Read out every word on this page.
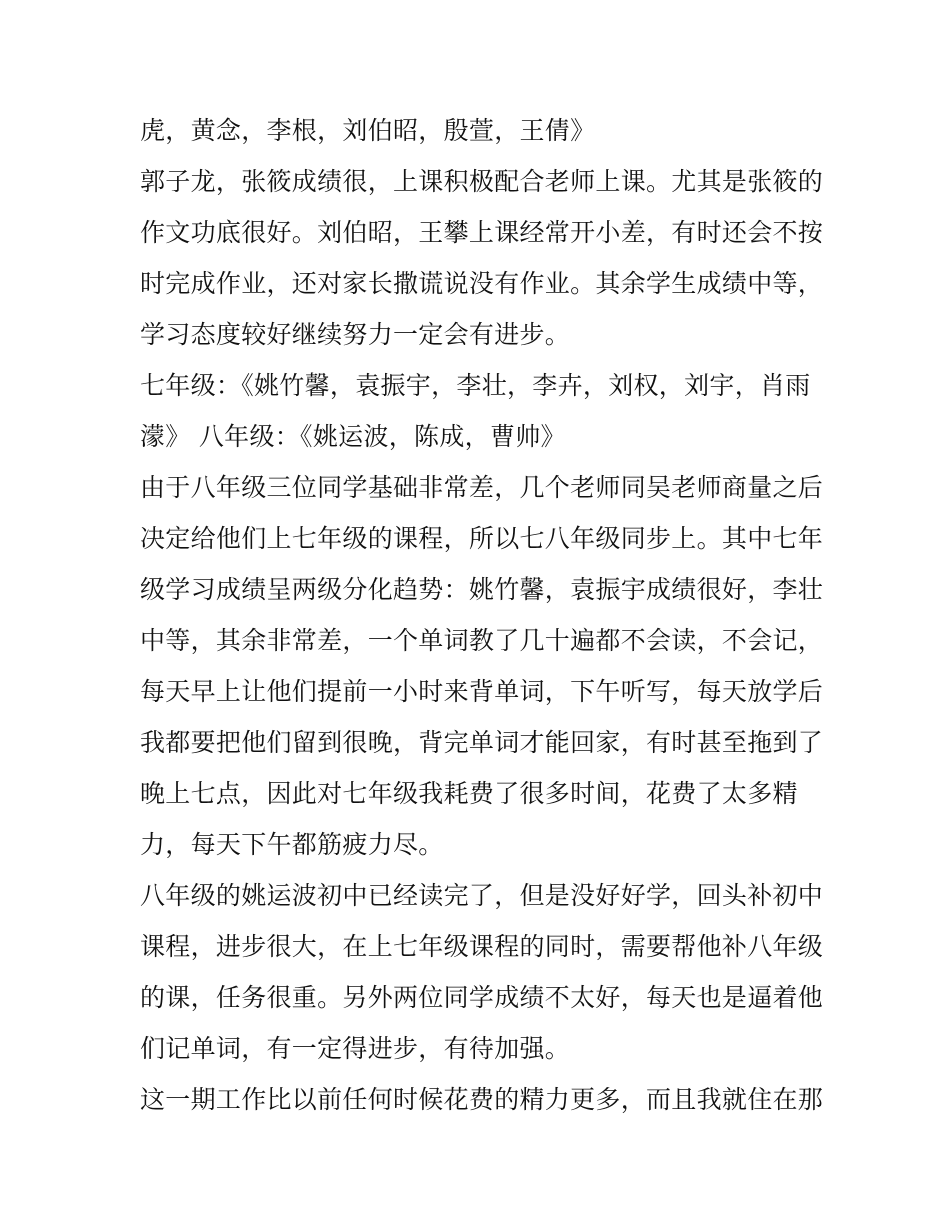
虎，黄念，李根，刘伯昭，殷萱，王倩》
郭子龙，张筱成绩很，上课积极配合老师上课。尤其是张筱的
作文功底很好。刘伯昭，王攀上课经常开小差，有时还会不按
时完成作业，还对家长撒谎说没有作业。其余学生成绩中等，
学习态度较好继续努力一定会有进步。
七年级：《姚竹馨，袁振宇，李壮，李卉，刘权，刘宇，肖雨
濛》 八年级：《姚运波，陈成，曹帅》
由于八年级三位同学基础非常差，几个老师同吴老师商量之后
决定给他们上七年级的课程，所以七八年级同步上。其中七年
级学习成绩呈两级分化趋势：姚竹馨，袁振宇成绩很好，李壮
中等，其余非常差，一个单词教了几十遍都不会读，不会记，
每天早上让他们提前一小时来背单词，下午听写，每天放学后
我都要把他们留到很晚，背完单词才能回家，有时甚至拖到了
晚上七点，因此对七年级我耗费了很多时间，花费了太多精
力，每天下午都筋疲力尽。
八年级的姚运波初中已经读完了，但是没好好学，回头补初中
课程，进步很大，在上七年级课程的同时，需要帮他补八年级
的课，任务很重。另外两位同学成绩不太好，每天也是逼着他
们记单词，有一定得进步，有待加强。
这一期工作比以前任何时候花费的精力更多，而且我就住在那
